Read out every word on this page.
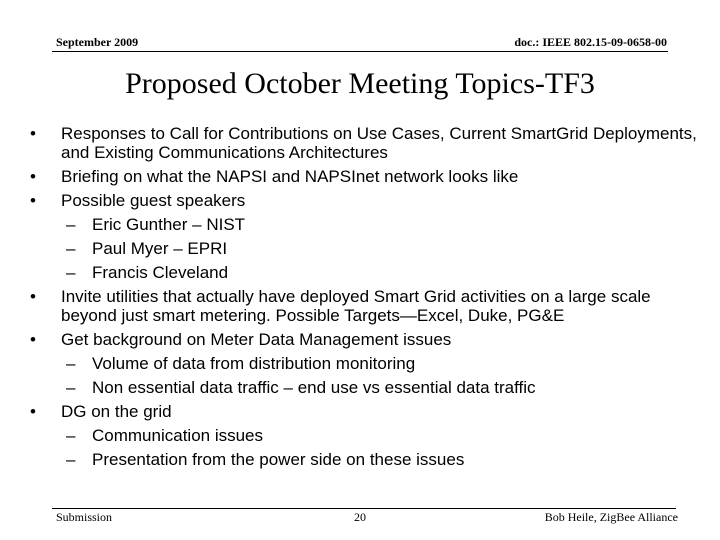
September 2009	doc.: IEEE 802.15-09-0658-00
Proposed October Meeting Topics-TF3
• Responses to Call for Contributions on Use Cases, Current SmartGrid Deployments, and Existing Communications Architectures
• Briefing on what the NAPSI and NAPSInet network looks like
• Possible guest speakers
– Eric Gunther – NIST
– Paul Myer – EPRI
– Francis Cleveland
• Invite utilities that actually have deployed Smart Grid activities on a large scale beyond just smart metering. Possible Targets—Excel, Duke, PG&E
• Get background on Meter Data Management issues
– Volume of data from distribution monitoring
– Non essential data traffic – end use vs essential data traffic
• DG on the grid
– Communication issues
– Presentation from the power side on these issues
Submission	20	Bob Heile, ZigBee Alliance
